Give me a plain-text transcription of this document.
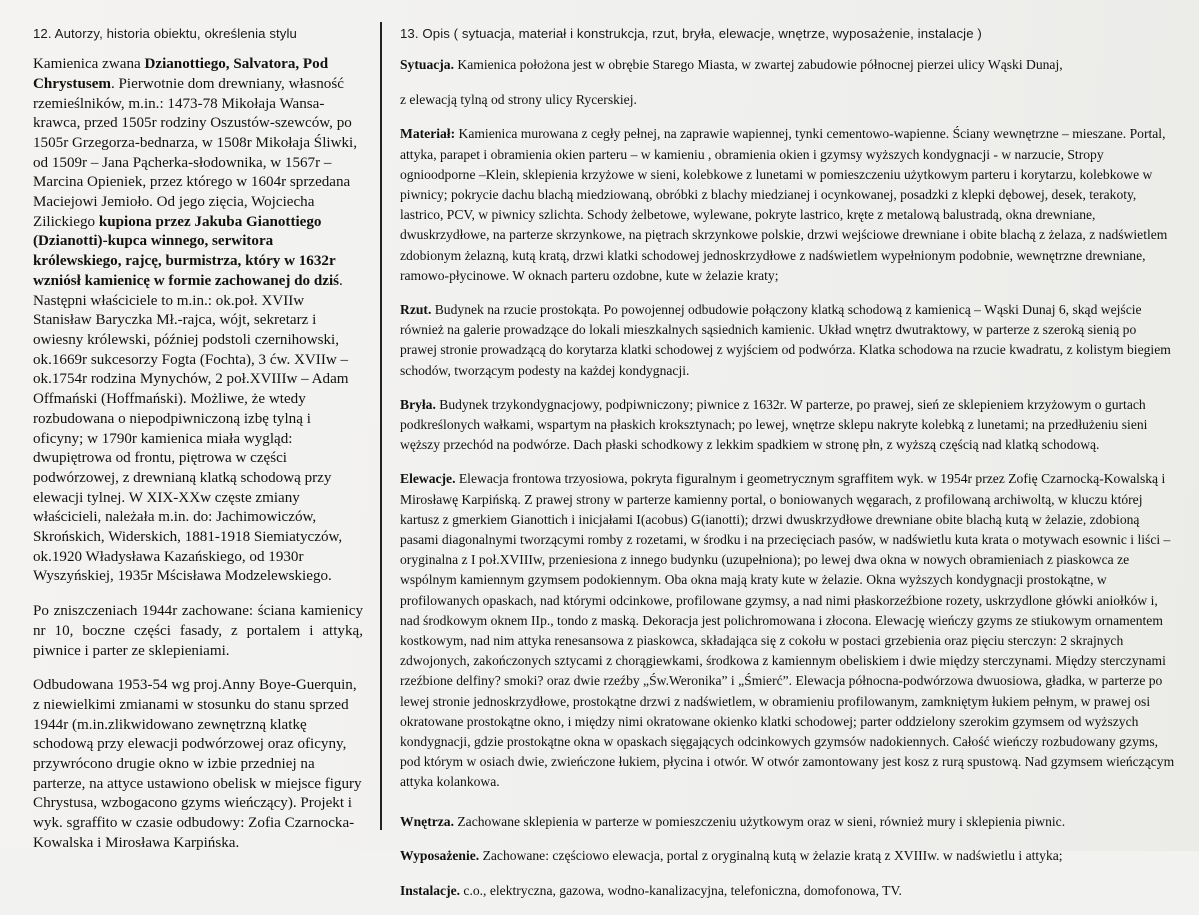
12. Autorzy, historia obiektu, określenia stylu

Kamienica zwana Dzianottiego, Salvatora, Pod Chrystusem. Pierwotnie dom drewniany, własność rzemieślników, m.in.: 1473-78 Mikołaja Wansa-krawca, przed 1505r rodziny Oszustów-szewców, po 1505r Grzegorza-bednarza, w 1508r Mikołaja Śliwki, od 1509r – Jana Pącherka-słodownika, w 1567r – Marcina Opieniek, przez którego w 1604r sprzedana Maciejowi Jemioło. Od jego zięcia, Wojciecha Zilickiego kupiona przez Jakuba Gianottiego (Dzianotti)-kupca winnego, serwitora królewskiego, rajcę, burmistrza, który w 1632r wzniósł kamienicę w formie zachowanej do dziś. Następni właściciele to m.in.: ok.poł. XVIIw Stanisław Baryczka Mł.-rajca, wójt, sekretarz i owiesny królewski, później podstoli czernihowski, ok.1669r sukcesorzy Fogta (Fochta), 3 ćw. XVIIw – ok.1754r rodzina Mynychów, 2 poł.XVIIIw – Adam Offmański (Hoffmański). Możliwe, że wtedy rozbudowana o niepodpiwniczoną izbę tylną i oficyny; w 1790r kamienica miała wygląd: dwupiętrowa od frontu, piętrowa w części podwórzowej, z drewnianą klatką schodową przy elewacji tylnej. W XIX-XXw częste zmiany właścicieli, należała m.in. do: Jachimowiczów, Skrońskich, Widerskich, 1881-1918 Siemiatyczów, ok.1920 Władysława Kazańskiego, od 1930r Wyszyńskiej, 1935r Mścisława Modzelewskiego.

Po zniszczeniach 1944r zachowane: ściana kamienicy nr 10, boczne części fasady, z portalem i attyką, piwnice i parter ze sklepieniami.

Odbudowana 1953-54 wg proj.Anny Boye-Guerquin, z niewielkimi zmianami w stosunku do stanu sprzed 1944r (m.in.zlikwidowano zewnętrzną klatkę schodową przy elewacji podwórzowej oraz oficyny, przywrócono drugie okno w izbie przedniej na parterze, na attyce ustawiono obelisk w miejsce figury Chrystusa, wzbogacono gzyms wieńczący). Projekt i wyk. sgraffito w czasie odbudowy: Zofia Czarnocka-Kowalska i Mirosława Karpińska.

13. Opis ( sytuacja, materiał i konstrukcja, rzut, bryła, elewacje, wnętrze, wyposażenie, instalacje )

Sytuacja. Kamienica położona jest w obrębie Starego Miasta, w zwartej zabudowie północnej pierzei ulicy Wąski Dunaj,

z elewacją tylną od strony ulicy Rycerskiej.

Materiał: Kamienica murowana z cegły pełnej, na zaprawie wapiennej, tynki cementowo-wapienne. Ściany wewnętrzne – mieszane. Portal, attyka, parapet i obramienia okien parteru – w kamieniu , obramienia okien i gzymsy wyższych kondygnacji - w narzucie, Stropy ognioodporne –Klein, sklepienia krzyżowe w sieni, kolebkowe z lunetami w pomieszczeniu użytkowym parteru i korytarzu, kolebkowe w piwnicy; pokrycie dachu blachą miedziowaną, obróbki z blachy miedzianej i ocynkowanej, posadzki z klepki dębowej, desek, terakoty, lastrico, PCV, w piwnicy szlichta. Schody żelbetowe, wylewane, pokryte lastrico, kręte z metalową balustradą, okna drewniane, dwuskrzydłowe, na parterze skrzynkowe, na piętrach skrzynkowe polskie, drzwi wejściowe drewniane i obite blachą z żelaza, z nadświetlem zdobionym żelazną, kutą kratą, drzwi klatki schodowej jednoskrzydłowe z nadświetlem wypełnionym podobnie, wewnętrzne drewniane, ramowo-płycinowe. W oknach parteru ozdobne, kute w żelazie kraty;

Rzut. Budynek na rzucie prostokąta. Po powojennej odbudowie połączony klatką schodową z kamienicą – Wąski Dunaj 6, skąd wejście również na galerie prowadzące do lokali mieszkalnych sąsiednich kamienic. Układ wnętrz dwutraktowy, w parterze z szeroką sienią po prawej stronie prowadzącą do korytarza klatki schodowej z wyjściem od podwórza. Klatka schodowa na rzucie kwadratu, z kolistym biegiem schodów, tworzącym podesty na każdej kondygnacji.

Bryła. Budynek trzykondygnacjowy, podpiwniczony; piwnice z 1632r. W parterze, po prawej, sień ze sklepieniem krzyżowym o gurtach podkreślonych wałkami, wspartym na płaskich kroksztynach; po lewej, wnętrze sklepu nakryte kolebką z lunetami; na przedłużeniu sieni węższy przechód na podwórze. Dach płaski schodkowy z lekkim spadkiem w stronę płn, z wyższą częścią nad klatką schodową.

Elewacje. Elewacja frontowa trzyosiowa, pokryta figuralnym i geometrycznym sgraffitem wyk. w 1954r przez Zofię Czarnocką-Kowalską i Mirosławę Karpińską. Z prawej strony w parterze kamienny portal, o boniowanych węgarach, z profilowaną archiwoltą, w kluczu której kartusz z gmerkiem Gianottich i inicjałami I(acobus) G(ianotti); drzwi dwuskrzydłowe drewniane obite blachą kutą w żelazie, zdobioną pasami diagonalnymi tworzącymi romby z rozetami, w środku i na przecięciach pasów, w nadświetlu kuta krata o motywach esownic i liści – oryginalna z I poł.XVIIIw, przeniesiona z innego budynku (uzupełniona); po lewej dwa okna w nowych obramieniach z piaskowca ze wspólnym kamiennym gzymsem podokiennym. Oba okna mają kraty kute w żelazie. Okna wyższych kondygnacji prostokątne, w profilowanych opaskach, nad którymi odcinkowe, profilowane gzymsy, a nad nimi płaskorzeźbione rozety, uskrzydlone główki aniołków i, nad środkowym oknem IIp., tondo z maską. Dekoracja jest polichromowana i złocona. Elewację wieńczy gzyms ze stiukowym ornamentem kostkowym, nad nim attyka renesansowa z piaskowca, składająca się z cokołu w postaci grzebienia oraz pięciu sterczyn: 2 skrajnych zdwojonych, zakończonych sztycami z chorągiewkami, środkowa z kamiennym obeliskiem i dwie między sterczynami. Między sterczynami rzeźbione delfiny? smoki? oraz dwie rzeźby „Św.Weronika” i „Śmierć”. Elewacja północna-podwórzowa dwuosiowa, gładka, w parterze po lewej stronie jednoskrzydłowe, prostokątne drzwi z nadświetlem, w obramieniu profilowanym, zamkniętym łukiem pełnym, w prawej osi okratowane prostokątne okno, i między nimi okratowane okienko klatki schodowej; parter oddzielony szerokim gzymsem od wyższych kondygnacji, gdzie prostokątne okna w opaskach sięgających odcinkowych gzymsów nadokiennych. Całość wieńczy rozbudowany gzyms, pod którym w osiach dwie, zwieńczone łukiem, płycina i otwór. W otwór zamontowany jest kosz z rurą spustową. Nad gzymsem wieńczącym attyka kolankowa.

Wnętrza. Zachowane sklepienia w parterze w pomieszczeniu użytkowym oraz w sieni, również mury i sklepienia piwnic.

Wyposażenie. Zachowane: częściowo elewacja, portal z oryginalną kutą w żelazie kratą z XVIIIw. w nadświetlu i attyka;

Instalacje. c.o., elektryczna, gazowa, wodno-kanalizacyjna, telefoniczna, domofonowa, TV.
